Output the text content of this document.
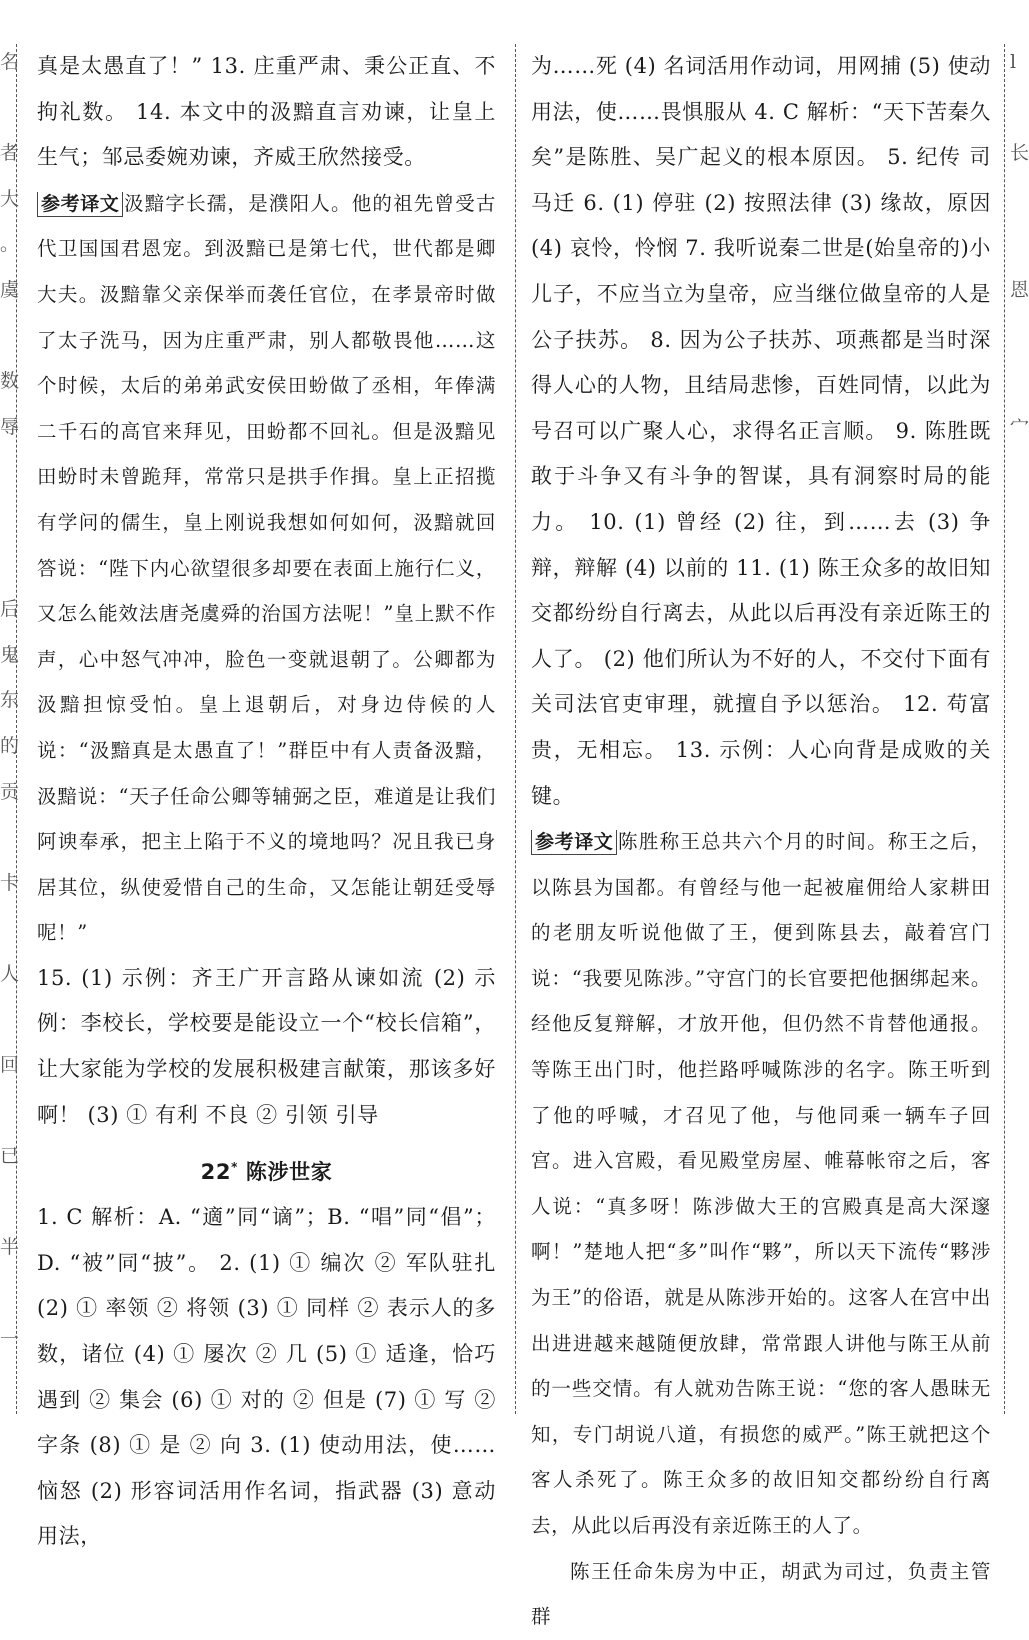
名

者
大
。
虞

数
辱

后
鬼
东
的
贡

卡

人

回

已

半

一
l

长

恩

宀

真是太愚直了！” 13. 庄重严肃、秉公正直、不拘礼数。 14. 本文中的汲黯直言劝谏，让皇上生气；邹忌委婉劝谏，齐威王欣然接受。

参考译文 汲黯字长孺，是濮阳人。他的祖先曾受古代卫国国君恩宠。到汲黯已是第七代，世代都是卿大夫。汲黯靠父亲保举而袭任官位，在孝景帝时做了太子洗马，因为庄重严肃，别人都敬畏他……这个时候，太后的弟弟武安侯田蚡做了丞相，年俸满二千石的高官来拜见，田蚡都不回礼。但是汲黯见田蚡时未曾跪拜，常常只是拱手作揖。皇上正招揽有学问的儒生，皇上刚说我想如何如何，汲黯就回答说：“陛下内心欲望很多却要在表面上施行仁义，又怎么能效法唐尧虞舜的治国方法呢！”皇上默不作声，心中怒气冲冲，脸色一变就退朝了。公卿都为汲黯担惊受怕。皇上退朝后，对身边侍候的人说：“汲黯真是太愚直了！”群臣中有人责备汲黯，汲黯说：“天子任命公卿等辅弼之臣，难道是让我们阿谀奉承，把主上陷于不义的境地吗？况且我已身居其位，纵使爱惜自己的生命，又怎能让朝廷受辱呢！”

15. (1) 示例：齐王广开言路从谏如流 (2) 示例：李校长，学校要是能设立一个“校长信箱”，让大家能为学校的发展积极建言献策，那该多好啊！ (3) ① 有利 不良 ② 引领 引导

22* 陈涉世家

1. C 解析：A. “適”同“谪”；B. “唱”同“倡”；D. “被”同“披”。 2. (1) ① 编次 ② 军队驻扎 (2) ① 率领 ② 将领 (3) ① 同样 ② 表示人的多数，诸位 (4) ① 屡次 ② 几 (5) ① 适逢，恰巧遇到 ② 集会 (6) ① 对的 ② 但是 (7) ① 写 ② 字条 (8) ① 是 ② 向 3. (1) 使动用法，使……恼怒 (2) 形容词活用作名词，指武器 (3) 意动用法，

为……死 (4) 名词活用作动词，用网捕 (5) 使动用法，使……畏惧服从 4. C 解析：“天下苦秦久矣”是陈胜、吴广起义的根本原因。 5. 纪传 司马迁 6. (1) 停驻 (2) 按照法律 (3) 缘故，原因 (4) 哀怜，怜悯 7. 我听说秦二世是(始皇帝的)小儿子，不应当立为皇帝，应当继位做皇帝的人是公子扶苏。 8. 因为公子扶苏、项燕都是当时深得人心的人物，且结局悲惨，百姓同情，以此为号召可以广聚人心，求得名正言顺。 9. 陈胜既敢于斗争又有斗争的智谋，具有洞察时局的能力。 10. (1) 曾经 (2) 往，到……去 (3) 争辩，辩解 (4) 以前的 11. (1) 陈王众多的故旧知交都纷纷自行离去，从此以后再没有亲近陈王的人了。 (2) 他们所认为不好的人，不交付下面有关司法官吏审理，就擅自予以惩治。 12. 苟富贵，无相忘。 13. 示例：人心向背是成败的关键。

参考译文 陈胜称王总共六个月的时间。称王之后，以陈县为国都。有曾经与他一起被雇佣给人家耕田的老朋友听说他做了王，便到陈县去，敲着宫门说：“我要见陈涉。”守宫门的长官要把他捆绑起来。经他反复辩解，才放开他，但仍然不肯替他通报。等陈王出门时，他拦路呼喊陈涉的名字。陈王听到了他的呼喊，才召见了他，与他同乘一辆车子回宫。进入宫殿，看见殿堂房屋、帷幕帐帘之后，客人说：“真多呀！陈涉做大王的宫殿真是高大深邃啊！”楚地人把“多”叫作“夥”，所以天下流传“夥涉为王”的俗语，就是从陈涉开始的。这客人在宫中出出进进越来越随便放肆，常常跟人讲他与陈王从前的一些交情。有人就劝告陈王说：“您的客人愚昧无知，专门胡说八道，有损您的威严。”陈王就把这个客人杀死了。陈王众多的故旧知交都纷纷自行离去，从此以后再没有亲近陈王的人了。

陈王任命朱房为中正，胡武为司过，负责主管群
